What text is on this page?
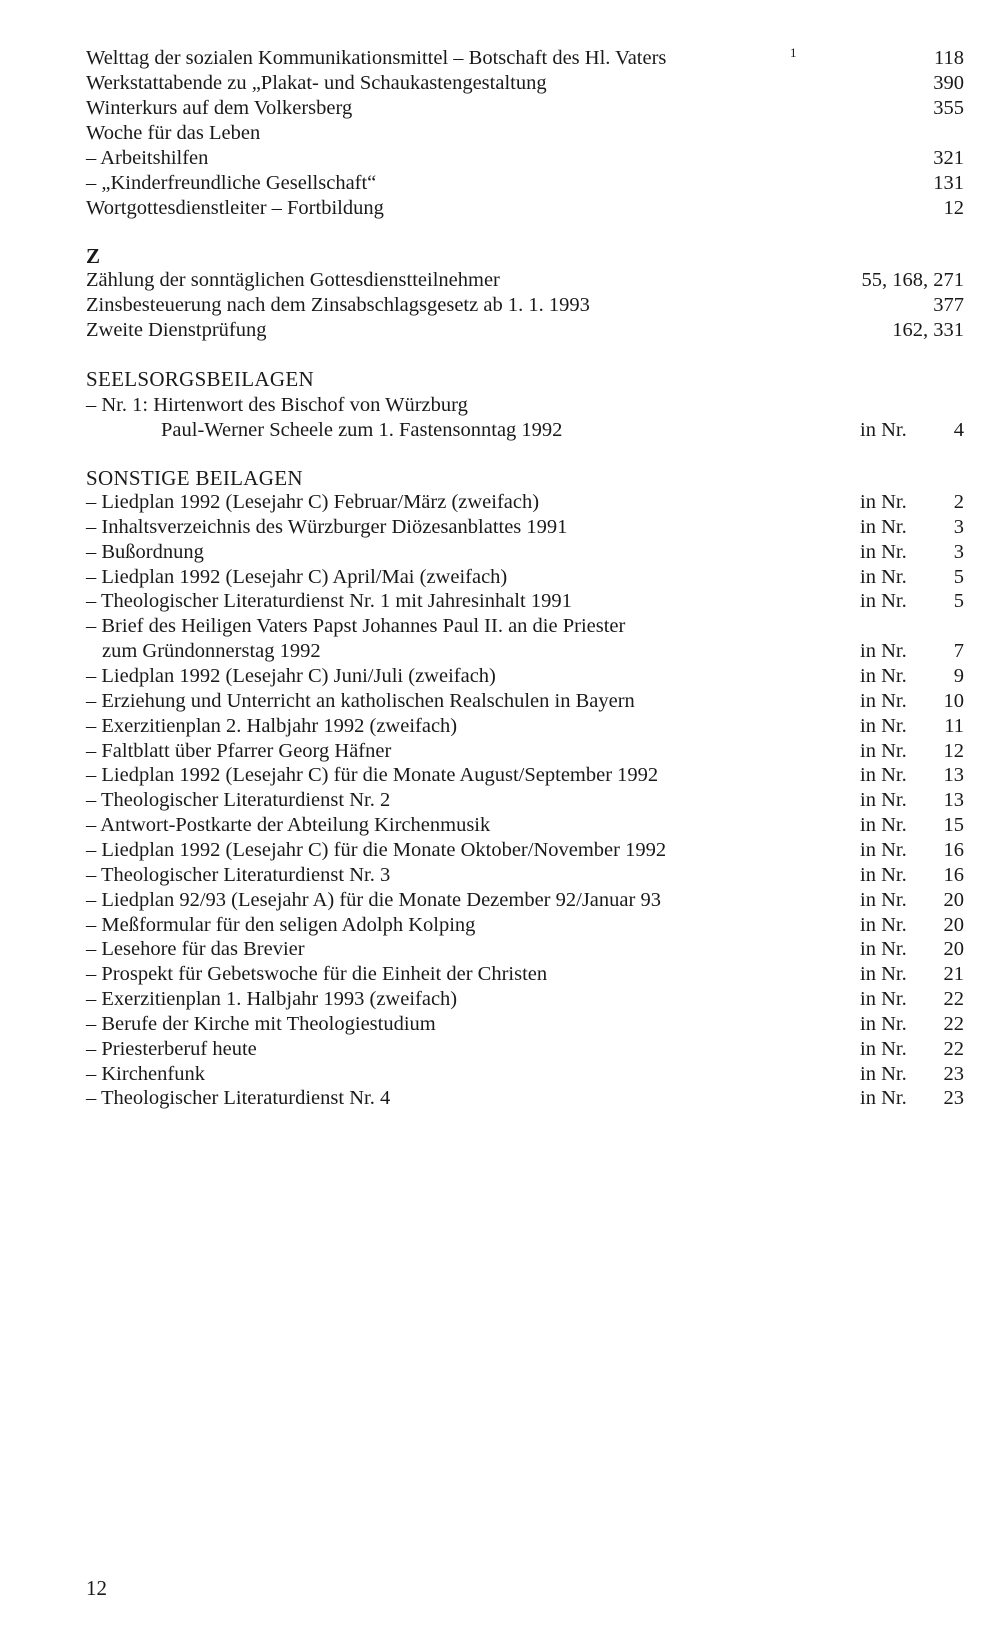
Welttag der sozialen Kommunikationsmittel – Botschaft des Hl. Vaters	118
1
Werkstattabende zu „Plakat- und Schaukastengestaltung	390
Winterkurs auf dem Volkersberg	355
Woche für das Leben
– Arbeitshilfen	321
– „Kinderfreundliche Gesellschaft“	131
Wortgottesdienstleiter – Fortbildung	12
Z
Zählung der sonntäglichen Gottesdienstteilnehmer	55, 168, 271
Zinsbesteuerung nach dem Zinsabschlagsgesetz ab 1. 1. 1993	377
Zweite Dienstprüfung	162, 331
SEELSORGSBEILAGEN
– Nr. 1: Hirtenwort des Bischof von Würzburg
Paul-Werner Scheele zum 1. Fastensonntag 1992	in Nr. 4
SONSTIGE BEILAGEN
– Liedplan 1992 (Lesejahr C) Februar/März (zweifach)	in Nr. 2
– Inhaltsverzeichnis des Würzburger Diözesanblattes 1991	in Nr. 3
– Bußordnung	in Nr. 3
– Liedplan 1992 (Lesejahr C) April/Mai (zweifach)	in Nr. 5
– Theologischer Literaturdienst Nr. 1 mit Jahresinhalt 1991	in Nr. 5
– Brief des Heiligen Vaters Papst Johannes Paul II. an die Priester
zum Gründonnerstag 1992	in Nr. 7
– Liedplan 1992 (Lesejahr C) Juni/Juli (zweifach)	in Nr. 9
– Erziehung und Unterricht an katholischen Realschulen in Bayern	in Nr. 10
– Exerzitienplan 2. Halbjahr 1992 (zweifach)	in Nr. 11
– Faltblatt über Pfarrer Georg Häfner	in Nr. 12
– Liedplan 1992 (Lesejahr C) für die Monate August/September 1992	in Nr. 13
– Theologischer Literaturdienst Nr. 2	in Nr. 13
– Antwort-Postkarte der Abteilung Kirchenmusik	in Nr. 15
– Liedplan 1992 (Lesejahr C) für die Monate Oktober/November 1992	in Nr. 16
– Theologischer Literaturdienst Nr. 3	in Nr. 16
– Liedplan 92/93 (Lesejahr A) für die Monate Dezember 92/Januar 93	in Nr. 20
– Meßformular für den seligen Adolph Kolping	in Nr. 20
– Lesehore für das Brevier	in Nr. 20
– Prospekt für Gebetswoche für die Einheit der Christen	in Nr. 21
– Exerzitienplan 1. Halbjahr 1993 (zweifach)	in Nr. 22
– Berufe der Kirche mit Theologiestudium	in Nr. 22
– Priesterberuf heute	in Nr. 22
– Kirchenfunk	in Nr. 23
– Theologischer Literaturdienst Nr. 4	in Nr. 23
12
